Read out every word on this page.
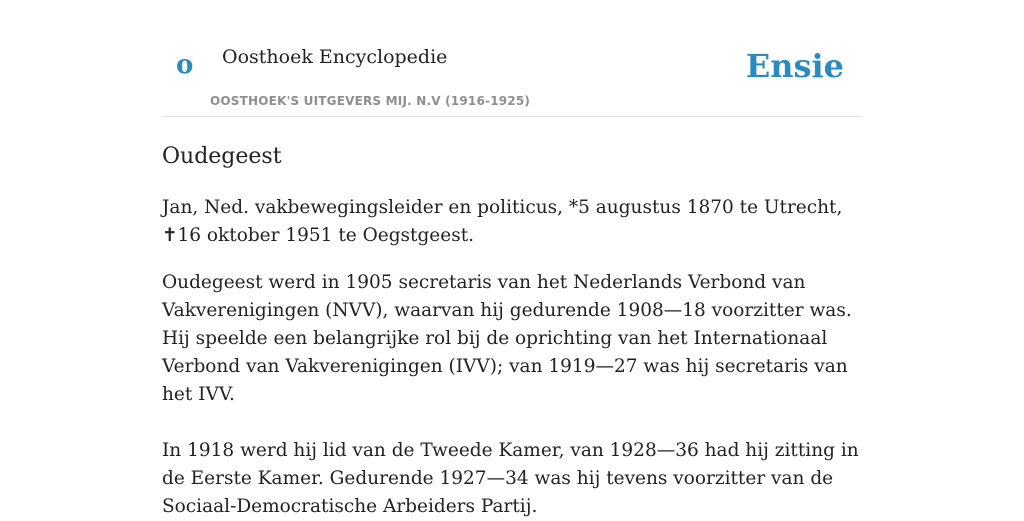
o Oosthoek Encyclopedie
OOSTHOEK'S UITGEVERS MIJ. N.V (1916-1925)
Ensie
Oudegeest

Jan, Ned. vakbewegingsleider en politicus, *5 augustus 1870 te Utrecht, ✝16 oktober 1951 te Oegstgeest.

Oudegeest werd in 1905 secretaris van het Nederlands Verbond van Vakverenigingen (NVV), waarvan hij gedurende 1908—18 voorzitter was. Hij speelde een belangrijke rol bij de oprichting van het Internationaal Verbond van Vakverenigingen (IVV); van 1919—27 was hij secretaris van het IVV.

In 1918 werd hij lid van de Tweede Kamer, van 1928—36 had hij zitting in de Eerste Kamer. Gedurende 1927—34 was hij tevens voorzitter van de Sociaal-Democratische Arbeiders Partij.
